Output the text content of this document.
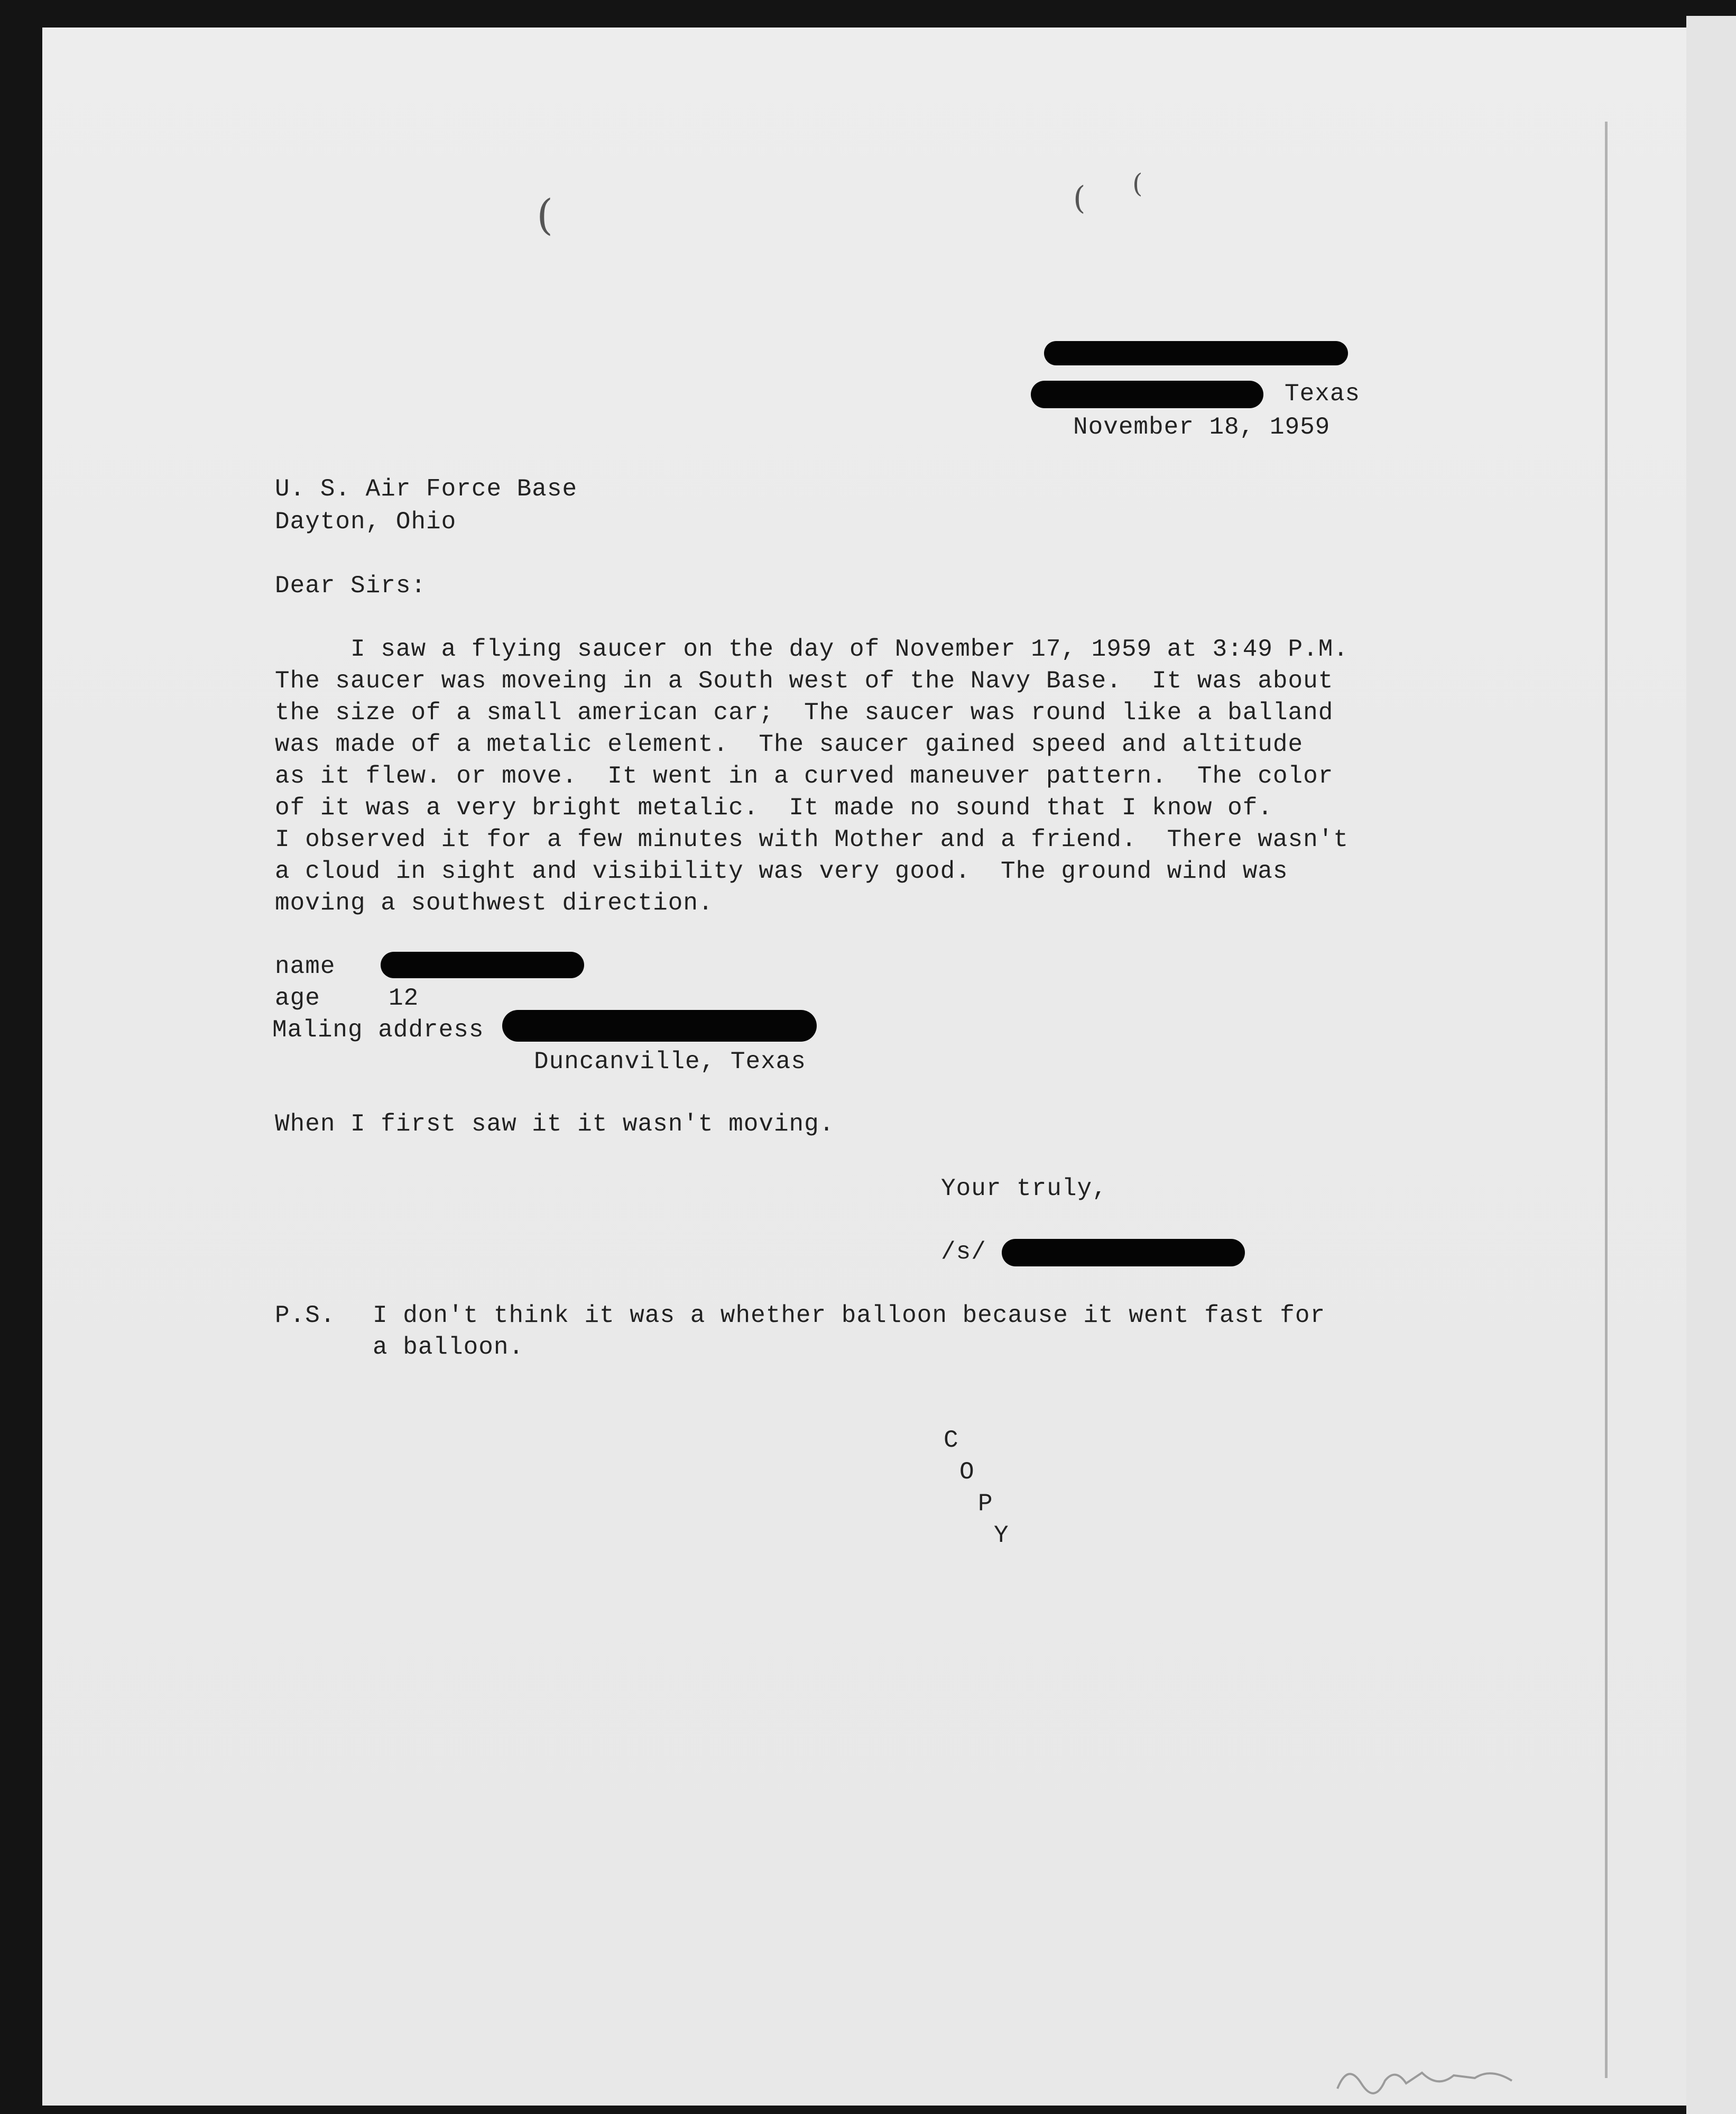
(	( (
Texas
November 18, 1959
U. S. Air Force Base
Dayton, Ohio
Dear Sirs:
I saw a flying saucer on the day of November 17, 1959 at 3:49 P.M.
The saucer was moveing in a South west of the Navy Base.  It was about
the size of a small american car;  The saucer was round like a balland
was made of a metalic element.  The saucer gained speed and altitude
as it flew. or move.  It went in a curved maneuver pattern.  The color
of it was a very bright metalic.  It made no sound that I know of.
I observed it for a few minutes with Mother and a friend.  There wasn't
a cloud in sight and visibility was very good.  The ground wind was
moving a southwest direction.
name
age	12
Maling address
Duncanville, Texas
When I first saw it it wasn't moving.
Your truly,
/s/
P.S. I don't think it was a whether balloon because it went fast for
a balloon.
C
O
P
Y
